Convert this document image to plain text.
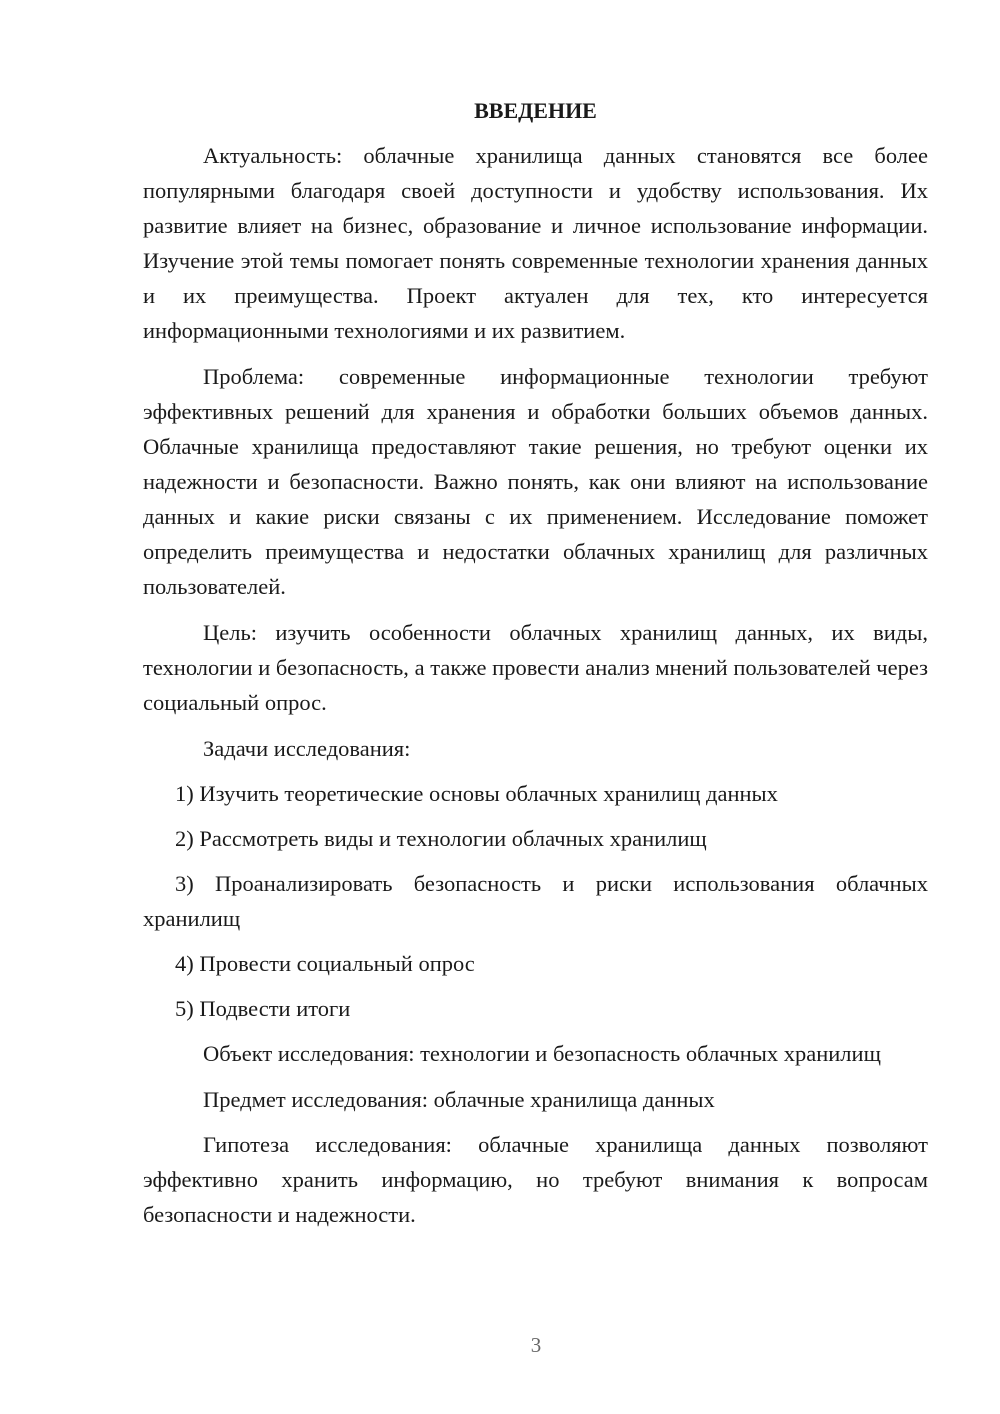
ВВЕДЕНИЕ

Актуальность: облачные хранилища данных становятся все более популярными благодаря своей доступности и удобству использования. Их развитие влияет на бизнес, образование и личное использование информации. Изучение этой темы помогает понять современные технологии хранения данных и их преимущества. Проект актуален для тех, кто интересуется информационными технологиями и их развитием.

Проблема: современные информационные технологии требуют эффективных решений для хранения и обработки больших объемов данных. Облачные хранилища предоставляют такие решения, но требуют оценки их надежности и безопасности. Важно понять, как они влияют на использование данных и какие риски связаны с их применением. Исследование поможет определить преимущества и недостатки облачных хранилищ для различных пользователей.

Цель: изучить особенности облачных хранилищ данных, их виды, технологии и безопасность, а также провести анализ мнений пользователей через социальный опрос.

Задачи исследования:

1) Изучить теоретические основы облачных хранилищ данных

2) Рассмотреть виды и технологии облачных хранилищ

3) Проанализировать безопасность и риски использования облачных хранилищ

4) Провести социальный опрос

5) Подвести итоги

Объект исследования: технологии и безопасность облачных хранилищ

Предмет исследования: облачные хранилища данных

Гипотеза исследования: облачные хранилища данных позволяют эффективно хранить информацию, но требуют внимания к вопросам безопасности и надежности.

3
